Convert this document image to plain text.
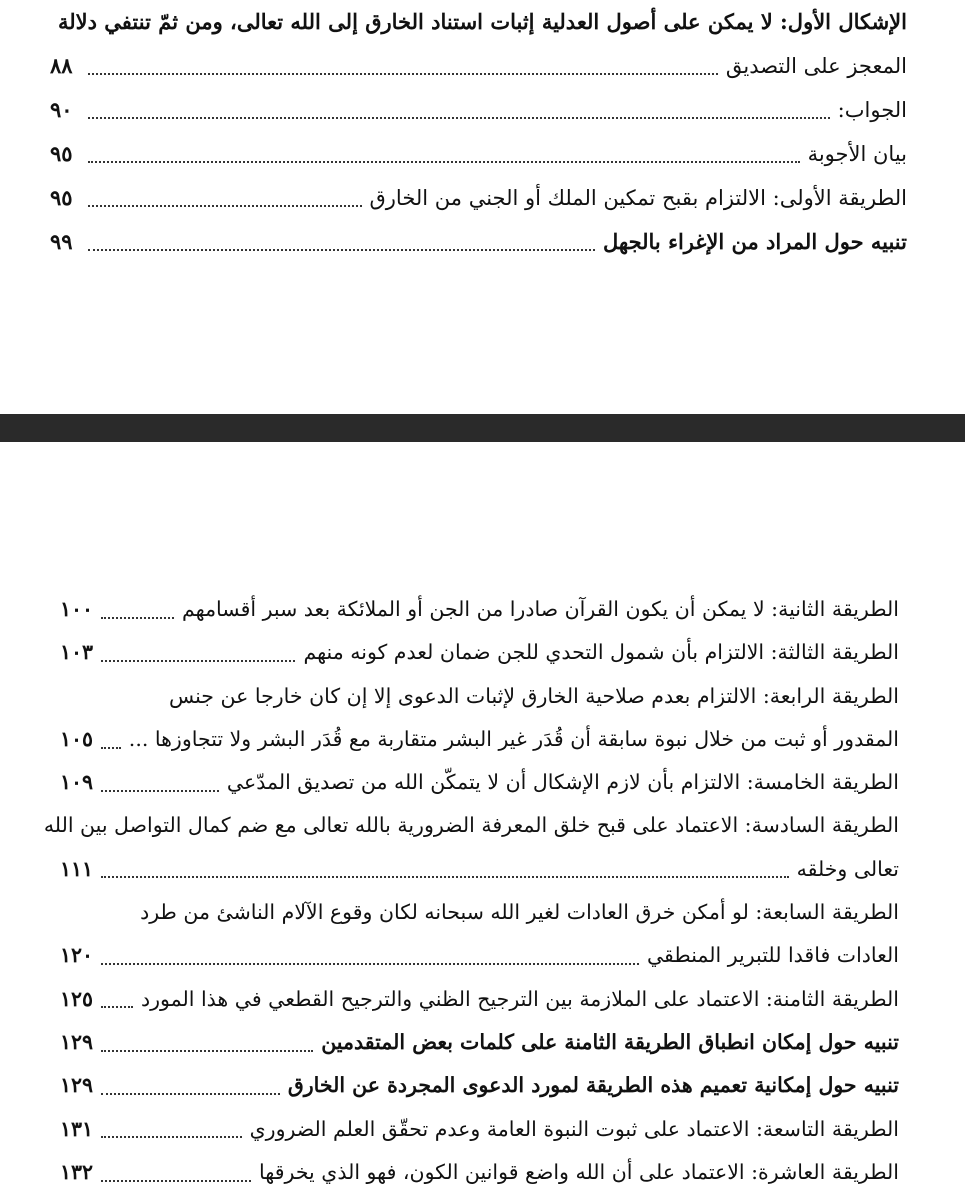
الإشكال الأول: لا يمكن على أصول العدلية إثبات استناد الخارق إلى الله تعالى، ومن ثمّ تنتفي دلالة
المعجز على التصديق
٨٨
الجواب:
٩٠
بيان الأجوبة
٩٥
الطريقة الأولى: الالتزام بقبح تمكين الملك أو الجني من الخارق
٩٥
تنبيه حول المراد من الإغراء بالجهل
٩٩
الطريقة الثانية: لا يمكن أن يكون القرآن صادرا من الجن أو الملائكة بعد سبر أقسامهم
١٠٠
الطريقة الثالثة: الالتزام بأن شمول التحدي للجن ضمان لعدم كونه منهم
١٠٣
الطريقة الرابعة: الالتزام بعدم صلاحية الخارق لإثبات الدعوى إلا إن كان خارجا عن جنس
المقدور أو ثبت من خلال نبوة سابقة أن قُدَر غير البشر متقاربة مع قُدَر البشر ولا تتجاوزها ...
١٠٥
الطريقة الخامسة: الالتزام بأن لازم الإشكال أن لا يتمكّن الله من تصديق المدّعي
١٠٩
الطريقة السادسة: الاعتماد على قبح خلق المعرفة الضرورية بالله تعالى مع ضم كمال التواصل بين الله
تعالى وخلقه
١١١
الطريقة السابعة: لو أمكن خرق العادات لغير الله سبحانه لكان وقوع الآلام الناشئ من طرد
العادات فاقدا للتبرير المنطقي
١٢٠
الطريقة الثامنة: الاعتماد على الملازمة بين الترجيح الظني والترجيح القطعي في هذا المورد
١٢٥
تنبيه حول إمكان انطباق الطريقة الثامنة على كلمات بعض المتقدمين
١٢٩
تنبيه حول إمكانية تعميم هذه الطريقة لمورد الدعوى المجردة عن الخارق
١٢٩
الطريقة التاسعة: الاعتماد على ثبوت النبوة العامة وعدم تحقّق العلم الضروري
١٣١
الطريقة العاشرة: الاعتماد على أن الله واضع قوانين الكون، فهو الذي يخرقها
١٣٢
